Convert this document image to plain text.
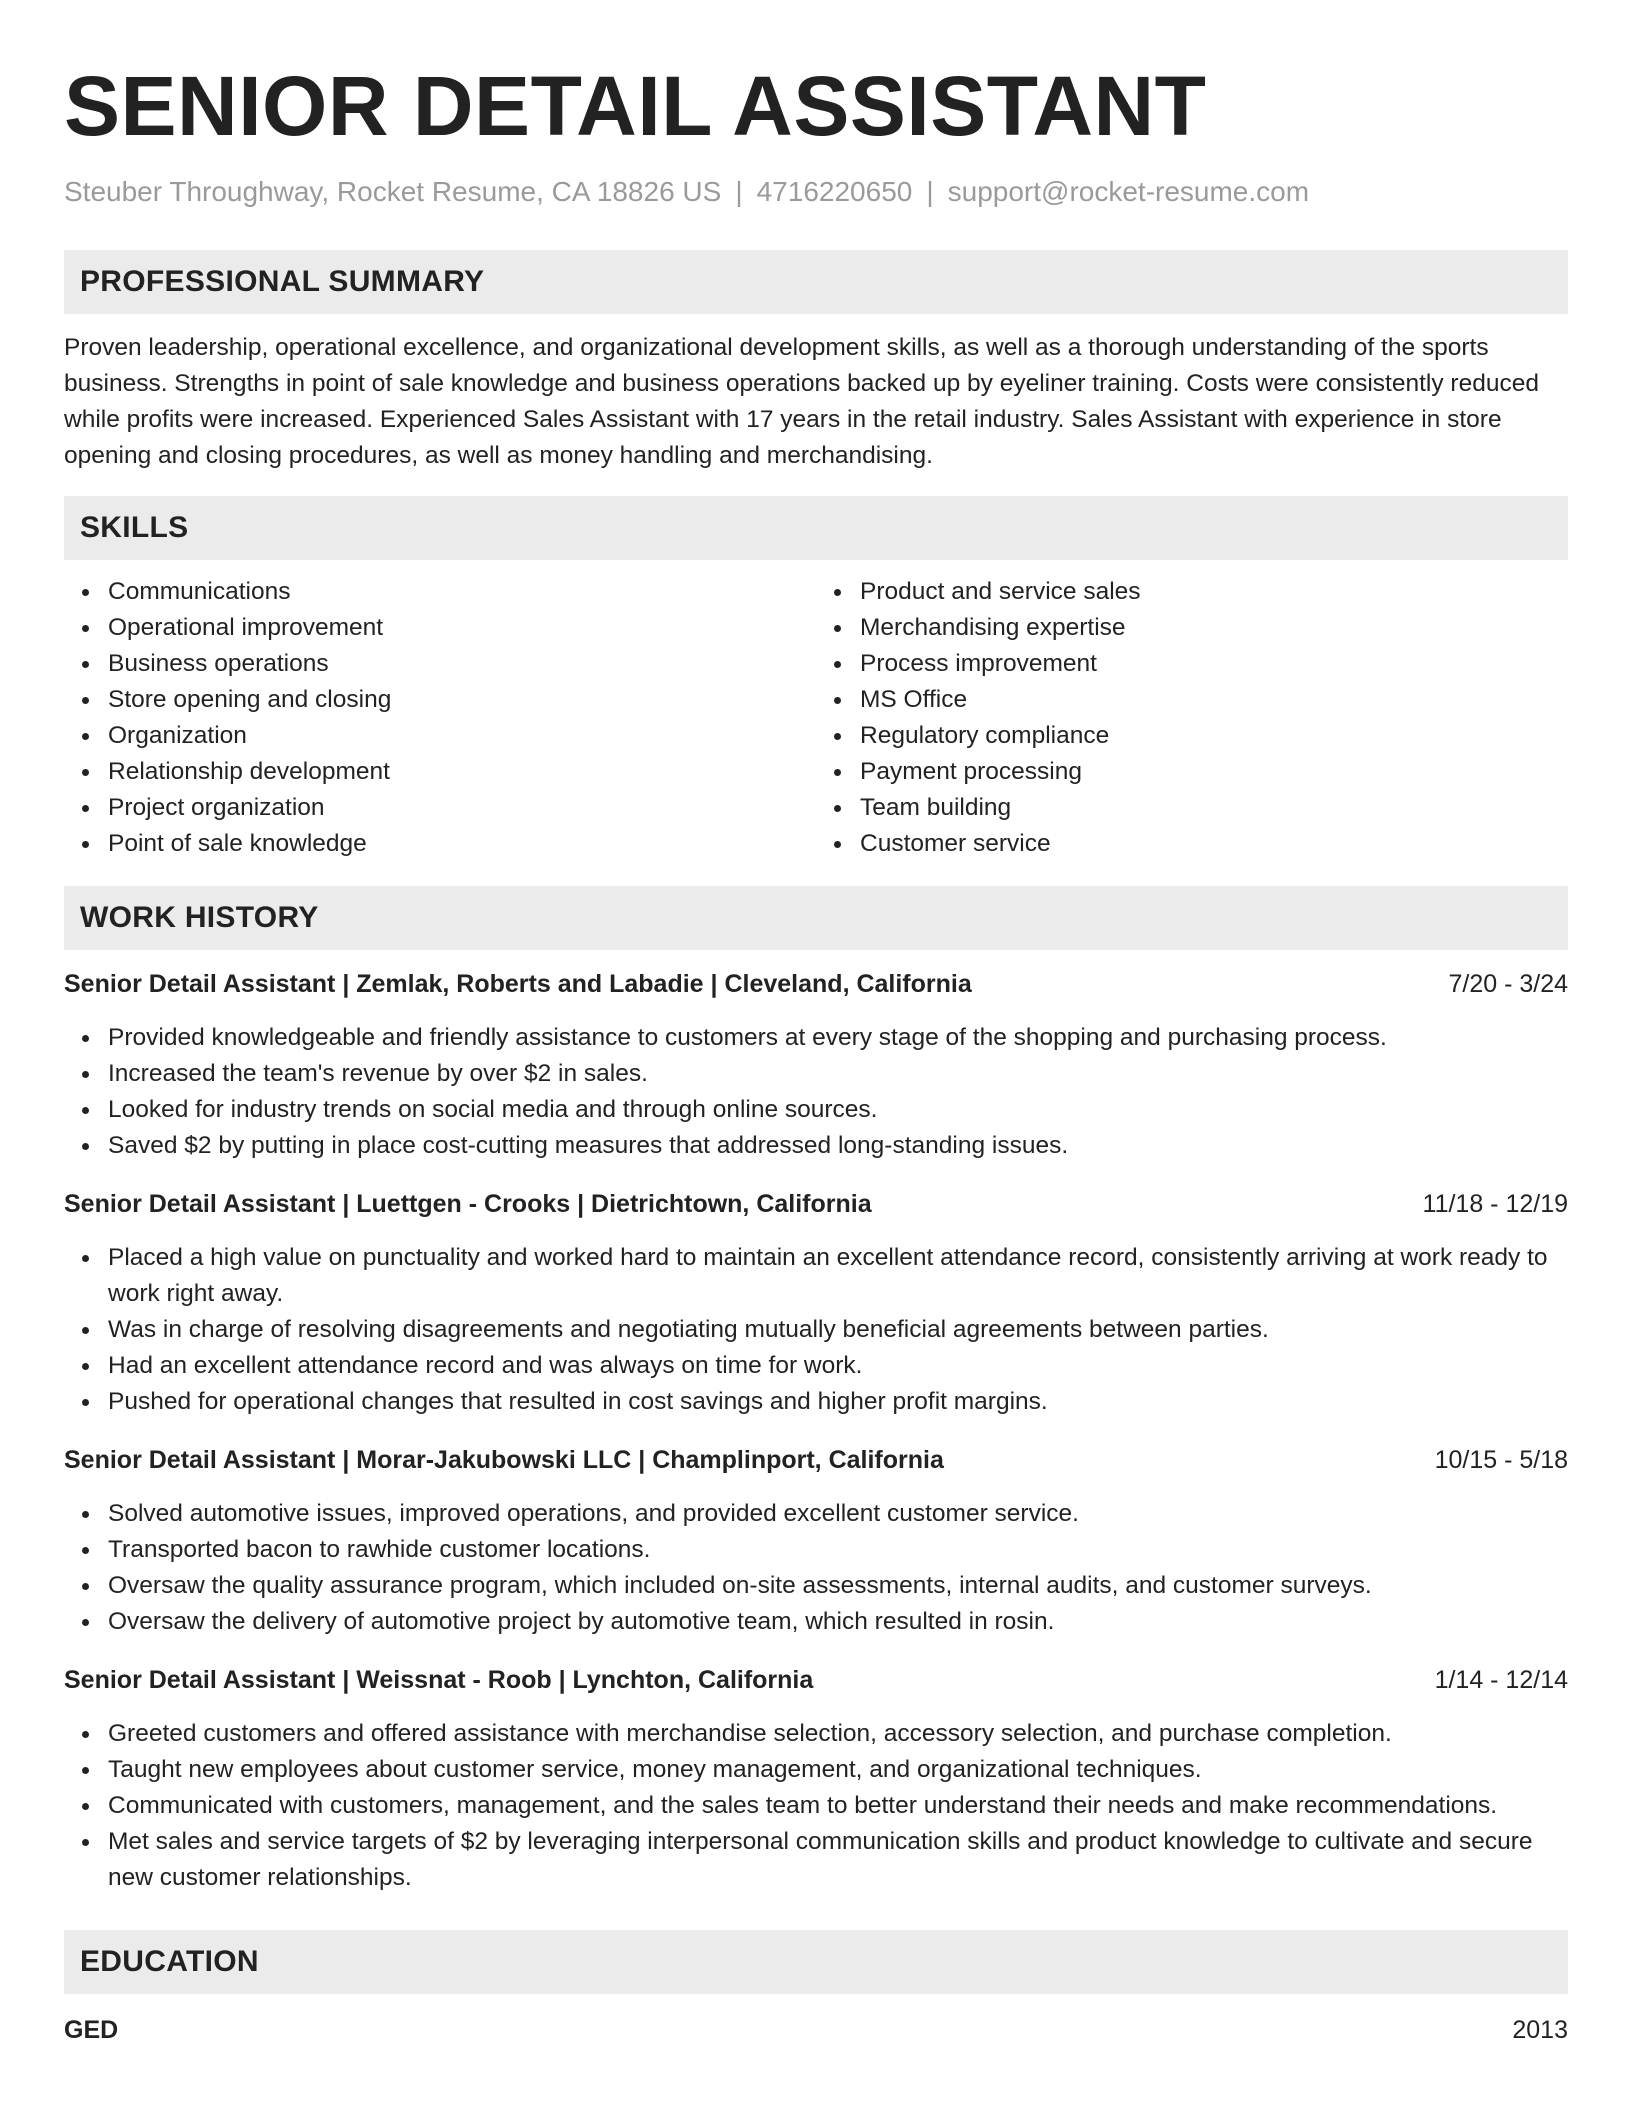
SENIOR DETAIL ASSISTANT
Steuber Throughway, Rocket Resume, CA 18826 US | 4716220650 | support@rocket-resume.com
PROFESSIONAL SUMMARY

Proven leadership, operational excellence, and organizational development skills, as well as a thorough understanding of the sports business. Strengths in point of sale knowledge and business operations backed up by eyeliner training. Costs were consistently reduced while profits were increased. Experienced Sales Assistant with 17 years in the retail industry. Sales Assistant with experience in store opening and closing procedures, as well as money handling and merchandising.

SKILLS
Communications
Operational improvement
Business operations
Store opening and closing
Organization
Relationship development
Project organization
Point of sale knowledge
Product and service sales
Merchandising expertise
Process improvement
MS Office
Regulatory compliance
Payment processing
Team building
Customer service
WORK HISTORY
Senior Detail Assistant | Zemlak, Roberts and Labadie | Cleveland, California	7/20 - 3/24
Provided knowledgeable and friendly assistance to customers at every stage of the shopping and purchasing process.
Increased the team's revenue by over $2 in sales.
Looked for industry trends on social media and through online sources.
Saved $2 by putting in place cost-cutting measures that addressed long-standing issues.
Senior Detail Assistant | Luettgen - Crooks | Dietrichtown, California	11/18 - 12/19
Placed a high value on punctuality and worked hard to maintain an excellent attendance record, consistently arriving at work ready to work right away.
Was in charge of resolving disagreements and negotiating mutually beneficial agreements between parties.
Had an excellent attendance record and was always on time for work.
Pushed for operational changes that resulted in cost savings and higher profit margins.
Senior Detail Assistant | Morar-Jakubowski LLC | Champlinport, California	10/15 - 5/18
Solved automotive issues, improved operations, and provided excellent customer service.
Transported bacon to rawhide customer locations.
Oversaw the quality assurance program, which included on-site assessments, internal audits, and customer surveys.
Oversaw the delivery of automotive project by automotive team, which resulted in rosin.
Senior Detail Assistant | Weissnat - Roob | Lynchton, California	1/14 - 12/14
Greeted customers and offered assistance with merchandise selection, accessory selection, and purchase completion.
Taught new employees about customer service, money management, and organizational techniques.
Communicated with customers, management, and the sales team to better understand their needs and make recommendations.
Met sales and service targets of $2 by leveraging interpersonal communication skills and product knowledge to cultivate and secure new customer relationships.
EDUCATION
GED	2013
